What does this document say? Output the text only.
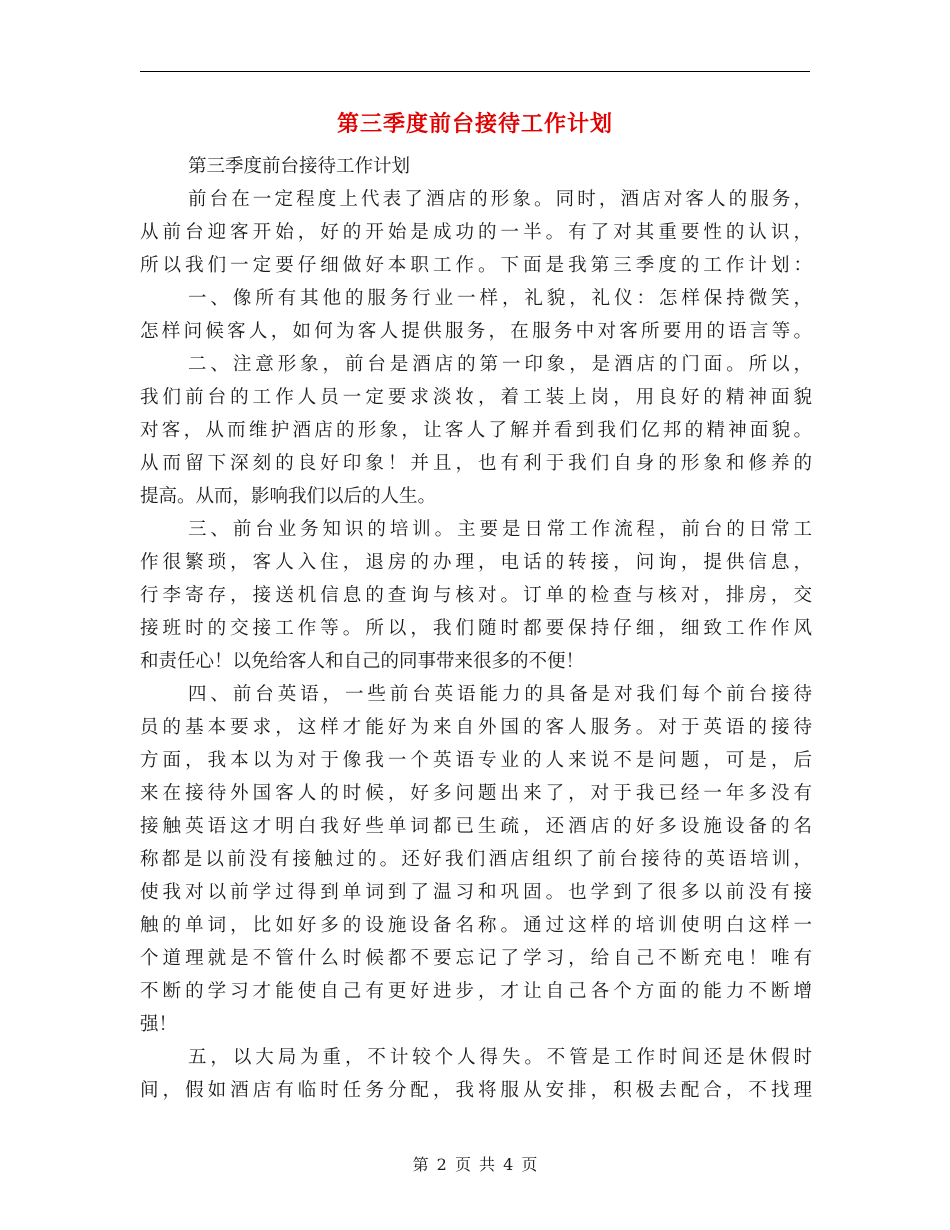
第三季度前台接待工作计划
第三季度前台接待工作计划
前台在一定程度上代表了酒店的形象。同时，酒店对客人的服务，
从前台迎客开始，好的开始是成功的一半。有了对其重要性的认识，
所以我们一定要仔细做好本职工作。下面是我第三季度的工作计划：
一、像所有其他的服务行业一样，礼貌，礼仪：怎样保持微笑，
怎样问候客人，如何为客人提供服务，在服务中对客所要用的语言等。
二、注意形象，前台是酒店的第一印象，是酒店的门面。所以，
我们前台的工作人员一定要求淡妆，着工装上岗，用良好的精神面貌
对客，从而维护酒店的形象，让客人了解并看到我们亿邦的精神面貌。
从而留下深刻的良好印象！并且，也有利于我们自身的形象和修养的
提高。从而，影响我们以后的人生。
三、前台业务知识的培训。主要是日常工作流程，前台的日常工
作很繁琐，客人入住，退房的办理，电话的转接，问询，提供信息，
行李寄存，接送机信息的查询与核对。订单的检查与核对，排房，交
接班时的交接工作等。所以，我们随时都要保持仔细，细致工作作风
和责任心！以免给客人和自己的同事带来很多的不便！
四、前台英语，一些前台英语能力的具备是对我们每个前台接待
员的基本要求，这样才能好为来自外国的客人服务。对于英语的接待
方面，我本以为对于像我一个英语专业的人来说不是问题，可是，后
来在接待外国客人的时候，好多问题出来了，对于我已经一年多没有
接触英语这才明白我好些单词都已生疏，还酒店的好多设施设备的名
称都是以前没有接触过的。还好我们酒店组织了前台接待的英语培训，
使我对以前学过得到单词到了温习和巩固。也学到了很多以前没有接
触的单词，比如好多的设施设备名称。通过这样的培训使明白这样一
个道理就是不管什么时候都不要忘记了学习，给自己不断充电！唯有
不断的学习才能使自己有更好进步，才让自己各个方面的能力不断增
强！
五，以大局为重，不计较个人得失。不管是工作时间还是休假时
间，假如酒店有临时任务分配，我将服从安排，积极去配合，不找理
第 2 页 共 4 页
